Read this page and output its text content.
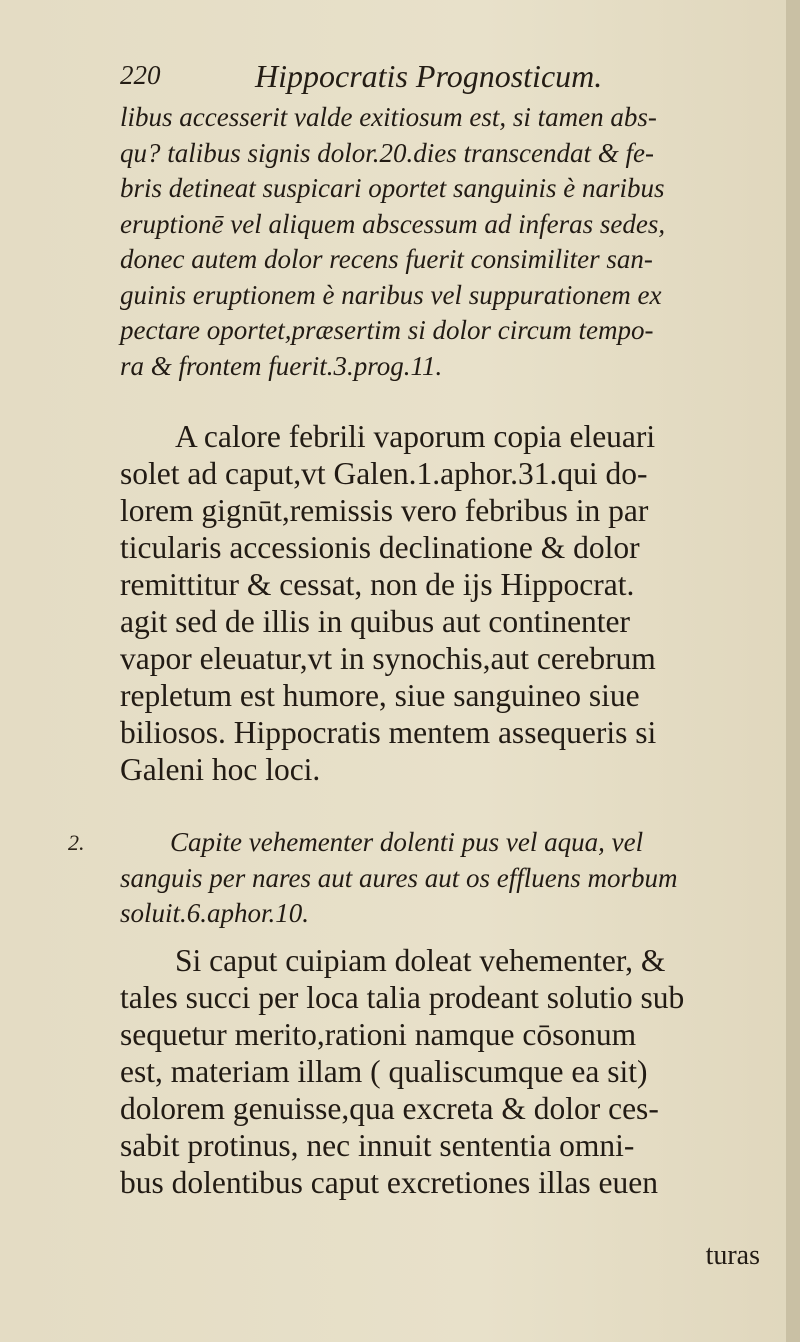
220	Hippocratis Prognosticum.
libus accesserit valde exitiosum est, si tamen abs-
qu? talibus signis dolor.20.dies transcendat & fe-
bris detineat suspicari oportet sanguinis è naribus
eruptionē vel aliquem abscessum ad inferas sedes,
donec autem dolor recens fuerit consimiliter san-
guinis eruptionem è naribus vel suppurationem ex
pectare oportet,præsertim si dolor circum tempo-
ra & frontem fuerit.3.prog.11.
A calore febrili vaporum copia eleuari
solet ad caput,vt Galen.1.aphor.31.qui do-
lorem gignūt,remissis vero febribus in par
ticularis accessionis declinatione & dolor
remittitur & cessat, non de ijs Hippocrat.
agit sed de illis in quibus aut continenter
vapor eleuatur,vt in synochis,aut cerebrum
repletum est humore, siue sanguineo siue
biliosos. Hippocratis mentem assequeris si
Galeni hoc loci.
2.	Capite vehementer dolenti pus vel aqua, vel
sanguis per nares aut aures aut os effluens morbum
soluit.6.aphor.10.
Si caput cuipiam doleat vehementer, &
tales succi per loca talia prodeant solutio sub
sequetur merito,rationi namque cōsonum
est, materiam illam ( qualiscumque ea sit)
dolorem genuisse,qua excreta & dolor ces-
sabit protinus, nec innuit sententia omni-
bus dolentibus caput excretiones illas euen
turas
